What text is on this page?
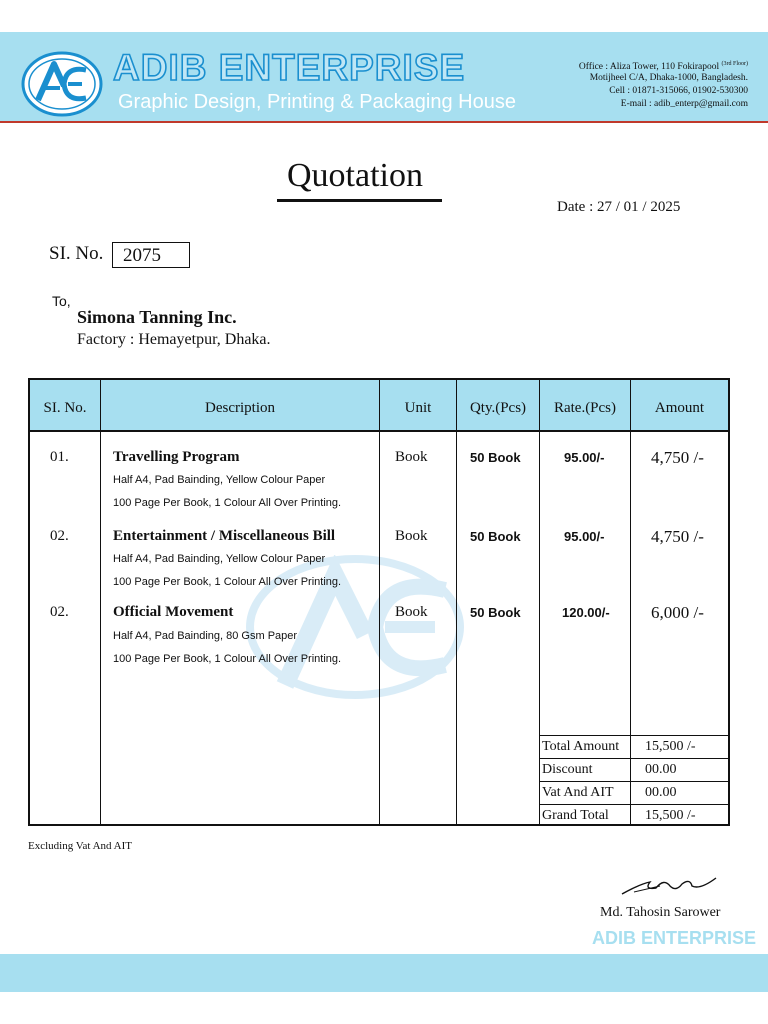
ADIB ENTERPRISE
Graphic Design, Printing & Packaging House
Office : Aliza Tower, 110 Fokirapool $^{(3rd Floor)}$
Motijheel C/A, Dhaka-1000, Bangladesh.
Cell : 01871-315066, 01902-530300
E-mail : adib_enterp@gmail.com
Quotation
Date : 27 / 01 / 2025
SI. No. 2075
To,
Simona Tanning Inc.
Factory : Hemayetpur, Dhaka.
SI. No.	Description	Unit	Qty.(Pcs)	Rate.(Pcs)	Amount
01.	Travelling Program
Half A4, Pad Bainding, Yellow Colour Paper
100 Page Per Book, 1 Colour All Over Printing.
Book	50 Book	95.00/-	4,750 /-
02.	Entertainment / Miscellaneous Bill
Half A4, Pad Bainding, Yellow Colour Paper
100 Page Per Book, 1 Colour All Over Printing.
Book	50 Book	95.00/-	4,750 /-
02.	Official Movement
Half A4, Pad Bainding, 80 Gsm Paper
100 Page Per Book, 1 Colour All Over Printing.
Book	50 Book	120.00/- 6,000 /-
Total Amount 15,500 /-
Discount	00.00
Vat And AIT 00.00
Grand Total	15,500 /-
Excluding Vat And AIT
Md. Tahosin Sarower
ADIB ENTERPRISE
